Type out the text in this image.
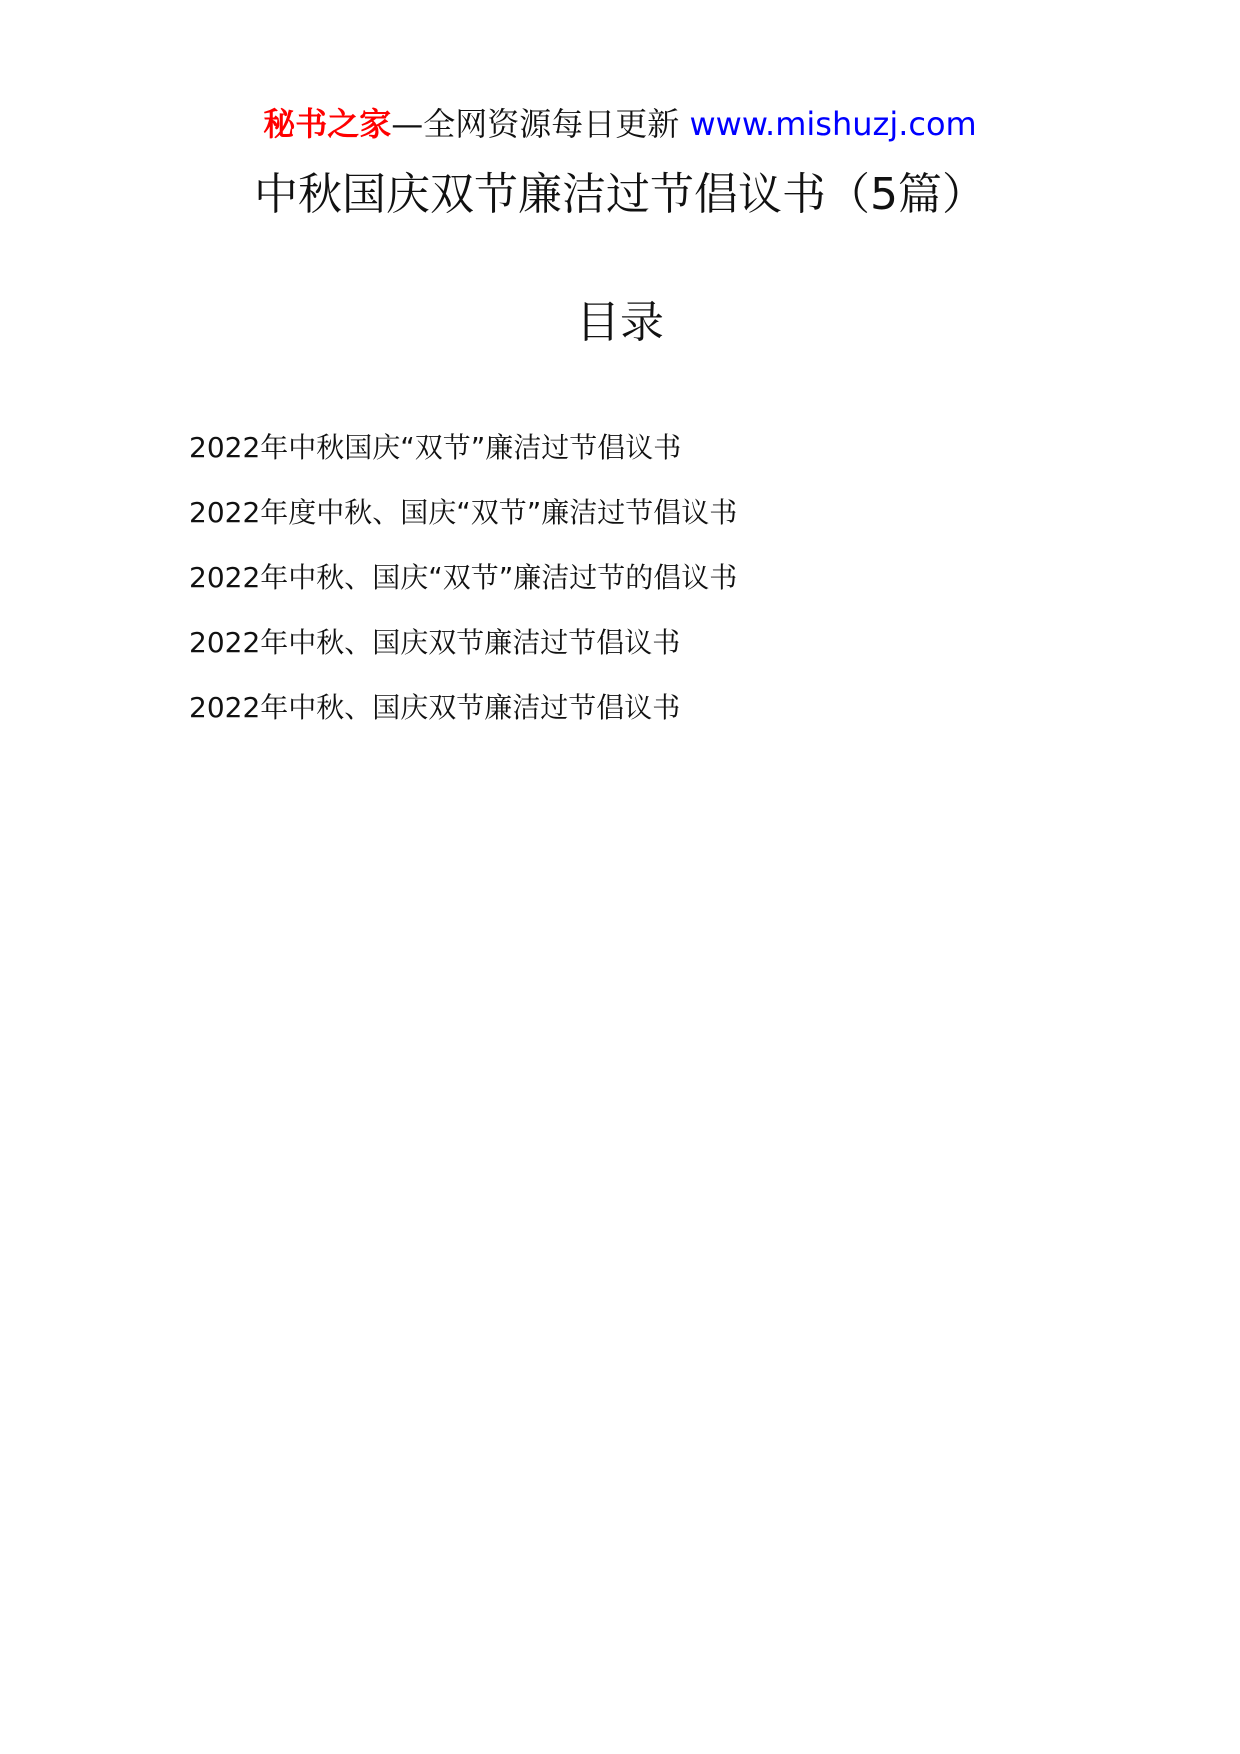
秘书之家—全网资源每日更新 www.mishuzj.com
中秋国庆双节廉洁过节倡议书（5篇）
目录
2022年中秋国庆“双节”廉洁过节倡议书
2022年度中秋、国庆“双节”廉洁过节倡议书
2022年中秋、国庆“双节”廉洁过节的倡议书
2022年中秋、国庆双节廉洁过节倡议书
2022年中秋、国庆双节廉洁过节倡议书
